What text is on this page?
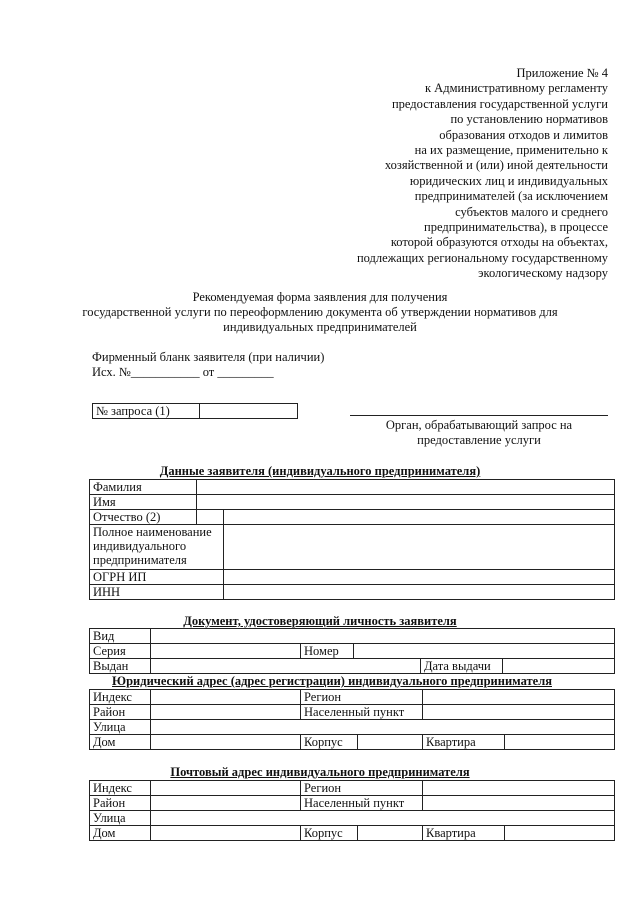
Приложение № 4
к Административному регламенту
предоставления государственной услуги
по установлению нормативов
образования отходов и лимитов
на их размещение, применительно к
хозяйственной и (или) иной деятельности
юридических лиц и индивидуальных
предпринимателей (за исключением
субъектов малого и среднего
предпринимательства), в процессе
которой образуются отходы на объектах,
подлежащих региональному государственному
экологическому надзору
Рекомендуемая форма заявления для получения
государственной услуги по переоформлению документа об утверждении нормативов для
индивидуальных предпринимателей
Фирменный бланк заявителя (при наличии)
Исх. №___________ от _________
№ запроса (1)	
Орган, обрабатывающий запрос на
предоставление услуги
Данные заявителя (индивидуального предпринимателя)
Фамилия		
Имя		
Отчество (2)		

Полное наименование
индивидуального
предпринимателя		

ОГРН ИП		
ИНН		
Документ, удостоверяющий личность заявителя
Вид					
Серия		Номер			
Выдан				Дата выдачи	
Юридический адрес (адрес регистрации) индивидуального предпринимателя
Индекс		Регион			
Район		Населенный пункт			
Улица					
Дом		Корпус		Квартира	
Почтовый адрес индивидуального предпринимателя
Индекс		Регион			
Район		Населенный пункт			
Улица					
Дом		Корпус		Квартира	
